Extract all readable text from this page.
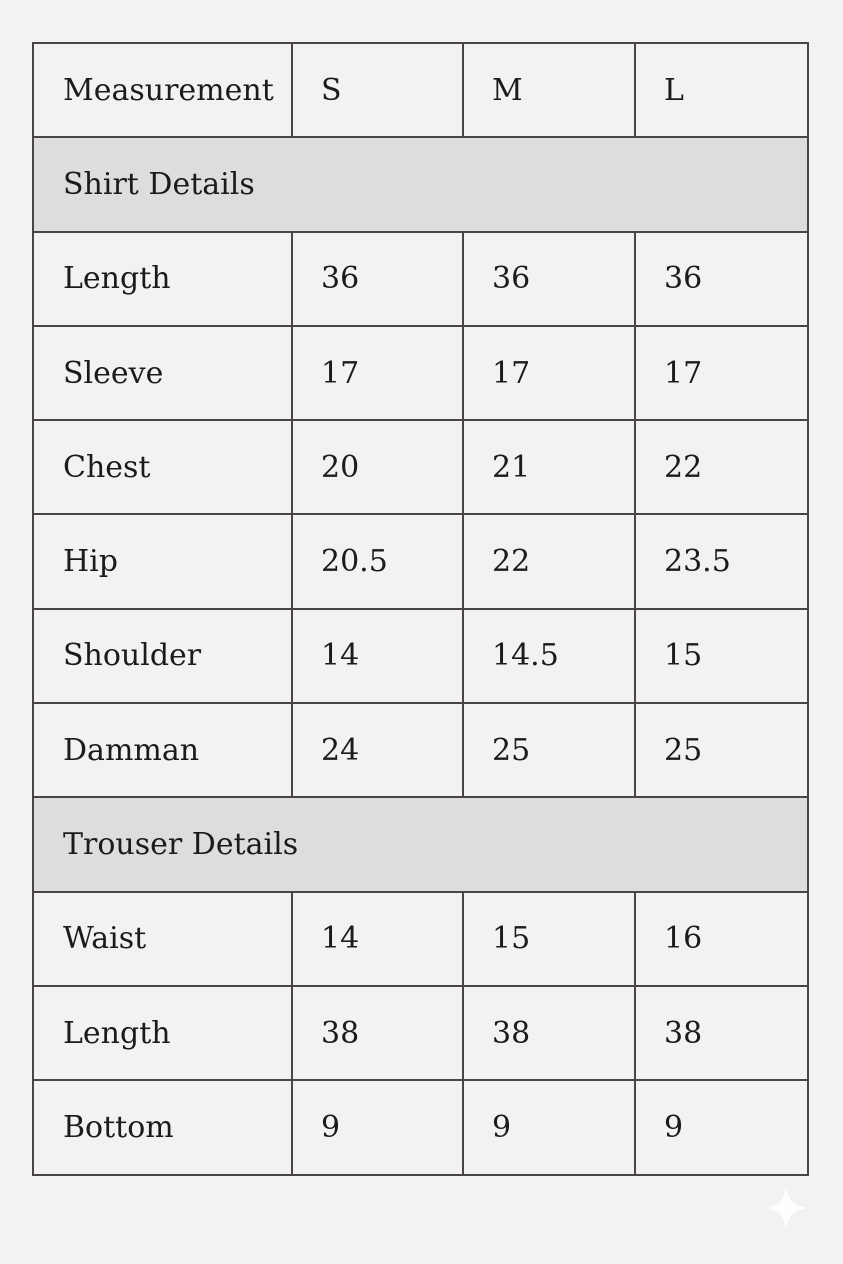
Measurement	S	M	L
Shirt Details			
Length	36	36	36
Sleeve	17	17	17
Chest	20	21	22
Hip	20.5	22	23.5
Shoulder	14	14.5	15
Damman	24	25	25
Trouser Details			
Waist	14	15	16
Length	38	38	38
Bottom	9	9	9
